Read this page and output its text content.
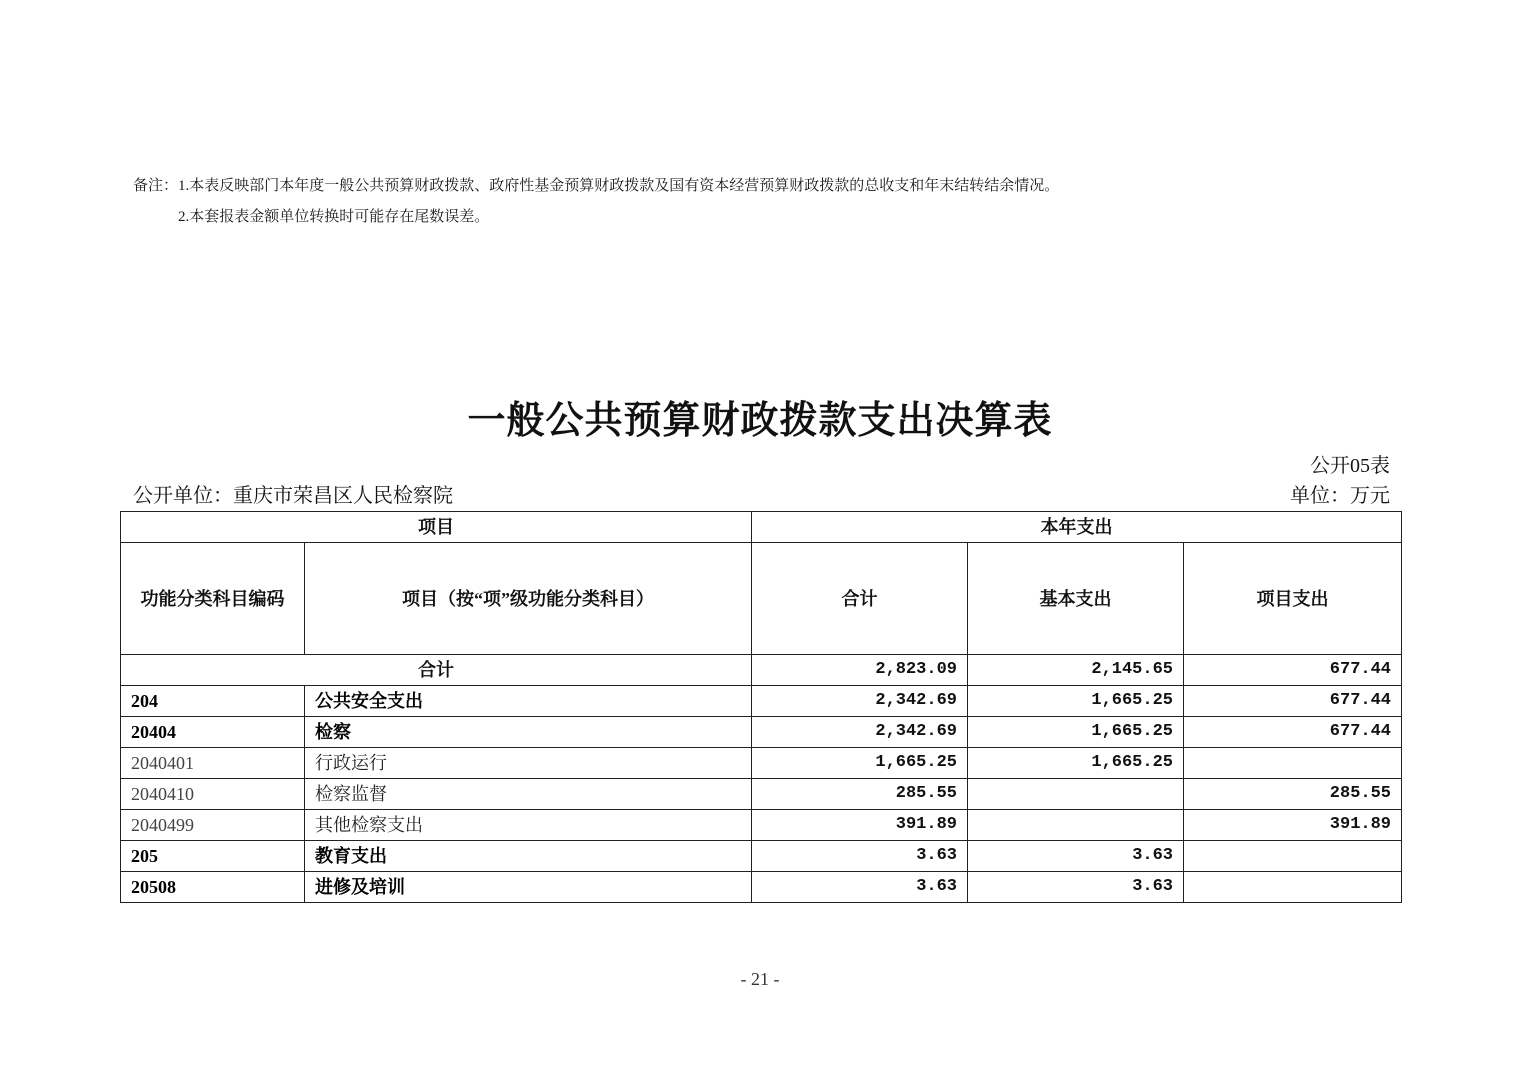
备注：1.本表反映部门本年度一般公共预算财政拨款、政府性基金预算财政拨款及国有资本经营预算财政拨款的总收支和年末结转结余情况。
2.本套报表金额单位转换时可能存在尾数误差。
一般公共预算财政拨款支出决算表
公开05表
公开单位：重庆市荣昌区人民检察院	单位：万元
项目		本年支出		
功能分类科目编码	项目（按“项”级功能分类科目）	合计	基本支出	项目支出
合计		2,823.09	2,145.65	677.44
204	公共安全支出	2,342.69	1,665.25	677.44
20404	检察	2,342.69	1,665.25	677.44
2040401	行政运行	1,665.25	1,665.25	
2040410	检察监督	285.55		285.55
2040499	其他检察支出	391.89		391.89
205	教育支出	3.63	3.63	
20508	进修及培训	3.63	3.63	
- 21 -
